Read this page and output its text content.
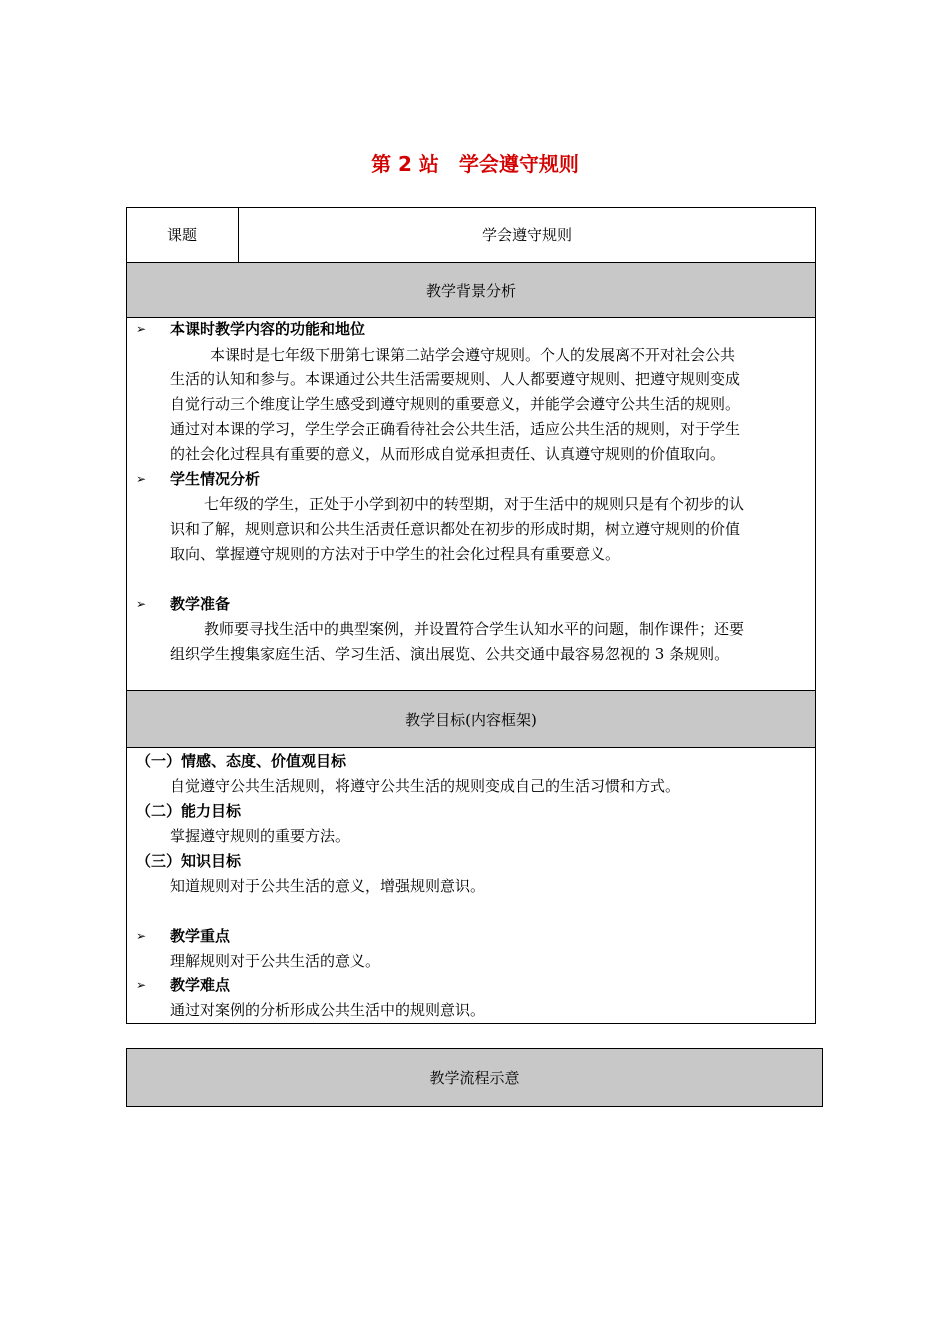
第 2 站　学会遵守规则
课题	学会遵守规则
教学背景分析
➢ 本课时教学内容的功能和地位
本课时是七年级下册第七课第二站学会遵守规则。个人的发展离不开对社会公共
生活的认知和参与。本课通过公共生活需要规则、人人都要遵守规则、把遵守规则变成
自觉行动三个维度让学生感受到遵守规则的重要意义，并能学会遵守公共生活的规则。
通过对本课的学习，学生学会正确看待社会公共生活，适应公共生活的规则，对于学生
的社会化过程具有重要的意义，从而形成自觉承担责任、认真遵守规则的价值取向。
➢ 学生情况分析
七年级的学生，正处于小学到初中的转型期，对于生活中的规则只是有个初步的认
识和了解，规则意识和公共生活责任意识都处在初步的形成时期，树立遵守规则的价值
取向、掌握遵守规则的方法对于中学生的社会化过程具有重要意义。
➢ 教学准备
教师要寻找生活中的典型案例，并设置符合学生认知水平的问题，制作课件；还要
组织学生搜集家庭生活、学习生活、演出展览、公共交通中最容易忽视的 3 条规则。
教学目标(内容框架)
（一）情感、态度、价值观目标
自觉遵守公共生活规则，将遵守公共生活的规则变成自己的生活习惯和方式。
（二）能力目标
掌握遵守规则的重要方法。
（三）知识目标
知道规则对于公共生活的意义，增强规则意识。
➢ 教学重点
理解规则对于公共生活的意义。
➢ 教学难点
通过对案例的分析形成公共生活中的规则意识。
教学流程示意
